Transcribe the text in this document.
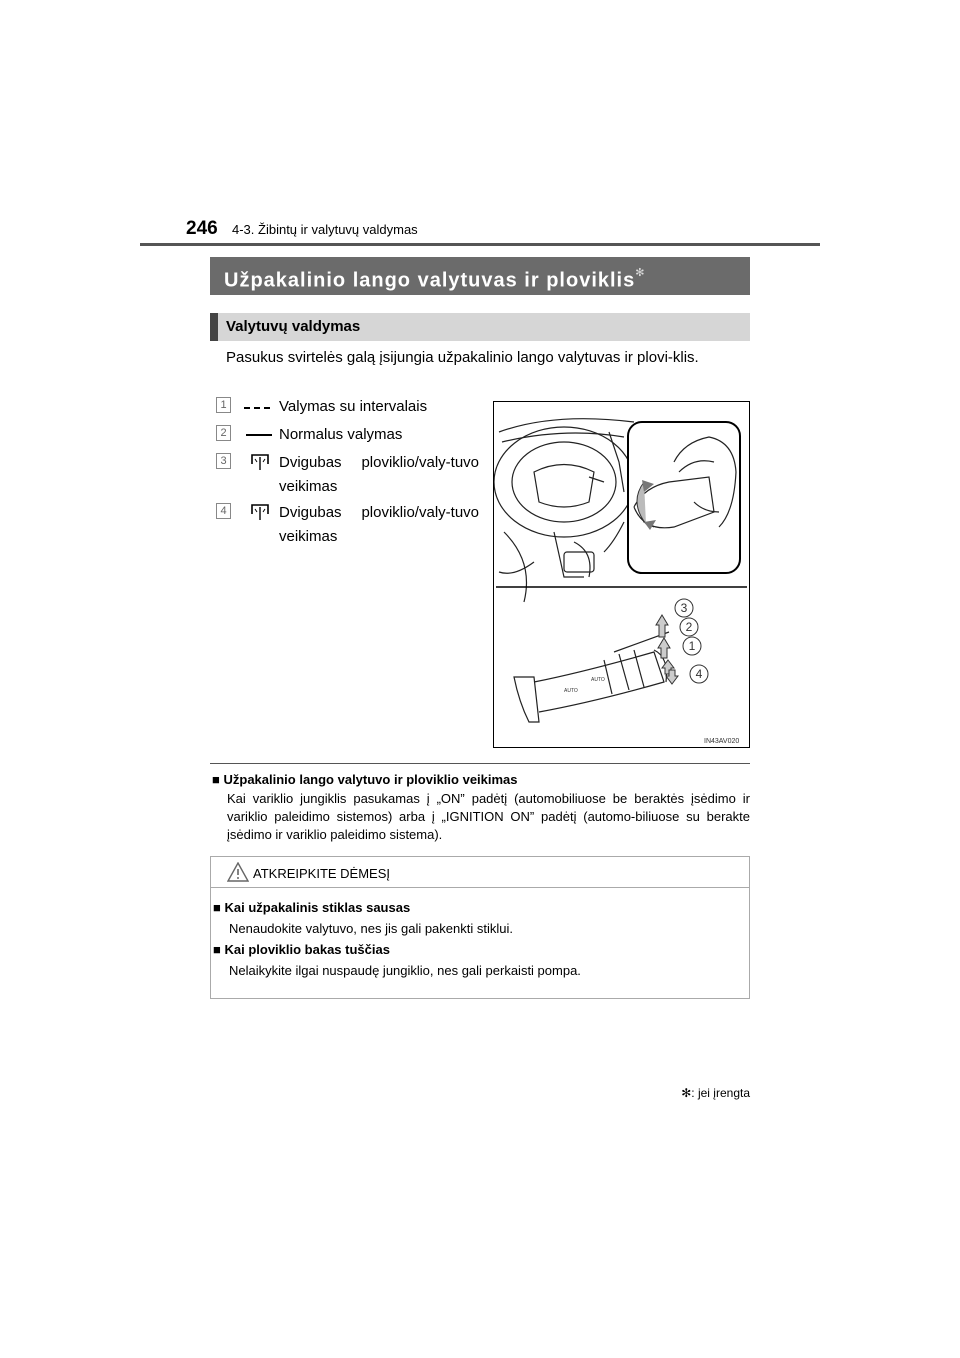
246 4-3. Žibintų ir valytuvų valdymas
Užpakalinio lango valytuvas ir ploviklis✻
Valytuvų valdymas
Pasukus svirtelės galą įsijungia užpakalinio lango valytuvas ir plovi-klis.
1	Valymas su intervalais
2	Normalus valymas
3	Dvigubas ploviklio/valy-tuvo veikimas
4	Dvigubas ploviklio/valy-tuvo veikimas
AUTO
AUTO
3
2
1
4
IN43AV020
■ Užpakalinio lango valytuvo ir ploviklio veikimas
Kai variklio jungiklis pasukamas į „ON” padėtį (automobiliuose be beraktės įsėdimo ir variklio paleidimo sistemos) arba į „IGNITION ON” padėtį (automo-biliuose su berakte įsėdimo ir variklio paleidimo sistema).
ATKREIPKITE DĖMESĮ
■ Kai užpakalinis stiklas sausas
Nenaudokite valytuvo, nes jis gali pakenkti stiklui.
■ Kai ploviklio bakas tuščias
Nelaikykite ilgai nuspaudę jungiklio, nes gali perkaisti pompa.
✻: jei įrengta
